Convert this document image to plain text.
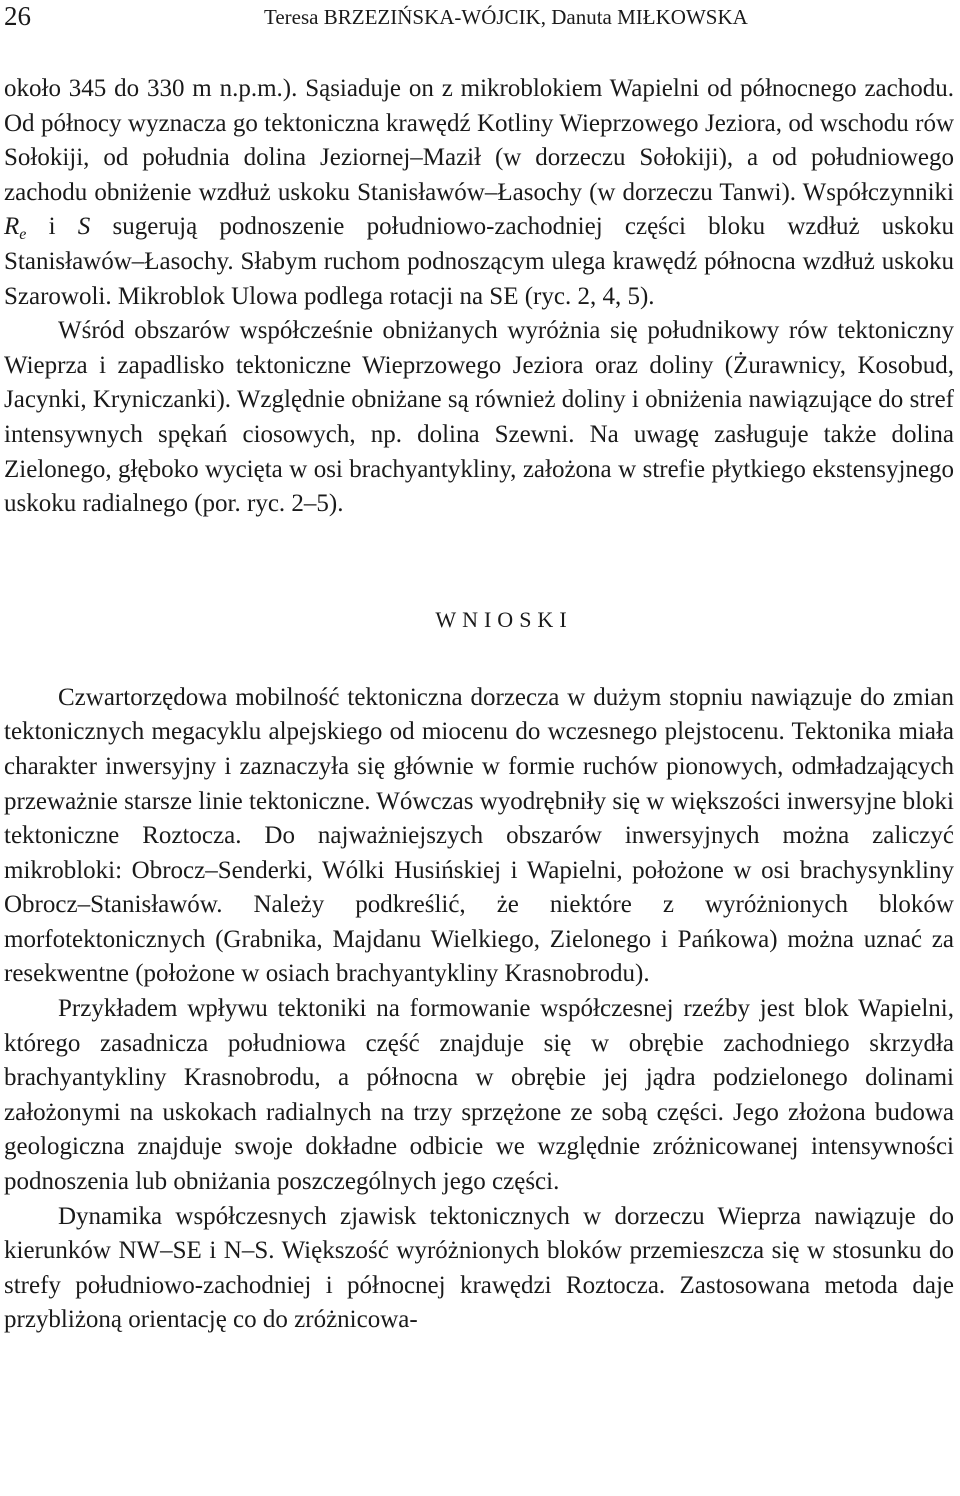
26	Teresa BRZEZIŃSKA-WÓJCIK, Danuta MIŁKOWSKA

około 345 do 330 m n.p.m.). Sąsiaduje on z mikroblokiem Wapielni od północnego zachodu. Od północy wyznacza go tektoniczna krawędź Kotliny Wieprzowego Jeziora, od wschodu rów Sołokiji, od południa dolina Jeziornej–Maził (w dorzeczu Sołokiji), a od południowego zachodu obniżenie wzdłuż uskoku Stanisławów–Łasochy (w dorzeczu Tanwi). Współczynniki $R_e$ i S sugerują podnoszenie południowo-zachodniej części bloku wzdłuż uskoku Stanisławów–Łasochy. Słabym ruchom podnoszącym ulega krawędź północna wzdłuż uskoku Szarowoli. Mikroblok Ulowa podlega rotacji na SE (ryc. 2, 4, 5).

Wśród obszarów współcześnie obniżanych wyróżnia się południkowy rów tektoniczny Wieprza i zapadlisko tektoniczne Wieprzowego Jeziora oraz doliny (Żurawnicy, Kosobud, Jacynki, Kryniczanki). Względnie obniżane są również doliny i obniżenia nawiązujące do stref intensywnych spękań ciosowych, np. dolina Szewni. Na uwagę zasługuje także dolina Zielonego, głęboko wycięta w osi brachyantykliny, założona w strefie płytkiego ekstensyjnego uskoku radialnego (por. ryc. 2–5).

WNIOSKI

Czwartorzędowa mobilność tektoniczna dorzecza w dużym stopniu nawiązuje do zmian tektonicznych megacyklu alpejskiego od miocenu do wczesnego plejstocenu. Tektonika miała charakter inwersyjny i zaznaczyła się głównie w formie ruchów pionowych, odmładzających przeważnie starsze linie tektoniczne. Wówczas wyodrębniły się w większości inwersyjne bloki tektoniczne Roztocza. Do najważniejszych obszarów inwersyjnych można zaliczyć mikrobloki: Obrocz–Senderki, Wólki Husińskiej i Wapielni, położone w osi brachysynkliny Obrocz–Stanisławów. Należy podkreślić, że niektóre z wyróżnionych bloków morfotektonicznych (Grabnika, Majdanu Wielkiego, Zielonego i Pańkowa) można uznać za resekwentne (położone w osiach brachyantykliny Krasnobrodu).

Przykładem wpływu tektoniki na formowanie współczesnej rzeźby jest blok Wapielni, którego zasadnicza południowa część znajduje się w obrębie zachodniego skrzydła brachyantykliny Krasnobrodu, a północna w obrębie jej jądra podzielonego dolinami założonymi na uskokach radialnych na trzy sprzężone ze sobą części. Jego złożona budowa geologiczna znajduje swoje dokładne odbicie we względnie zróżnicowanej intensywności podnoszenia lub obniżania poszczególnych jego części.

Dynamika współczesnych zjawisk tektonicznych w dorzeczu Wieprza nawiązuje do kierunków NW–SE i N–S. Większość wyróżnionych bloków przemieszcza się w stosunku do strefy południowo-zachodniej i północnej krawędzi Roztocza. Zastosowana metoda daje przybliżoną orientację co do zróżnicowa-
